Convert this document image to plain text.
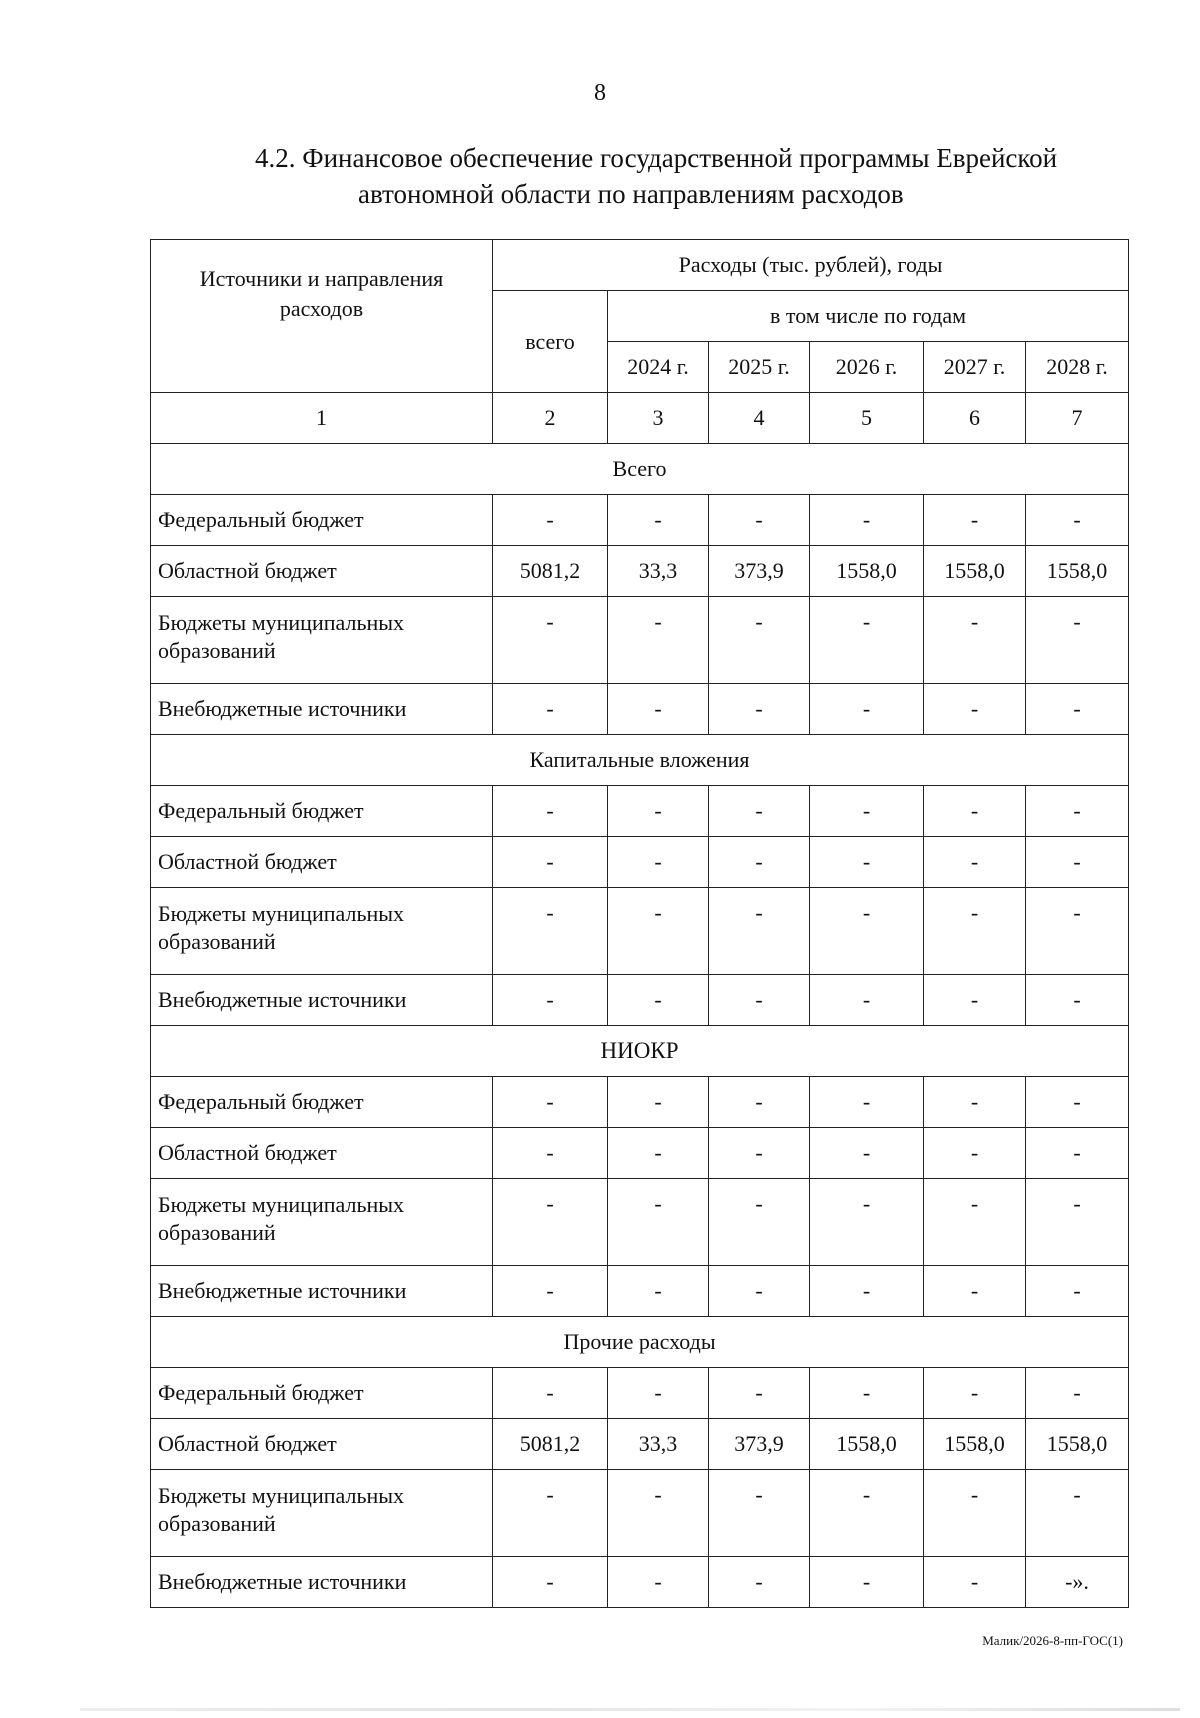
8
4.2. Финансовое обеспечение государственной программы Еврейской
автономной области по направлениям расходов
Источники и направления расходов	Расходы (тыс. рублей), годы					
	всего	в том числе по годам				
		2024 г.	2025 г.	2026 г.	2027 г.	2028 г.
1	2	3	4	5	6	7
Всего						
Федеральный бюджет	-	-	-	-	-	-
Областной бюджет	5081,2	33,3	373,9	1558,0	1558,0	1558,0
Бюджеты муниципальных образований	-	-	-	-	-	-
Внебюджетные источники	-	-	-	-	-	-
Капитальные вложения						
Федеральный бюджет	-	-	-	-	-	-
Областной бюджет	-	-	-	-	-	-
Бюджеты муниципальных образований	-	-	-	-	-	-
Внебюджетные источники	-	-	-	-	-	-
НИОКР						
Федеральный бюджет	-	-	-	-	-	-
Областной бюджет	-	-	-	-	-	-
Бюджеты муниципальных образований	-	-	-	-	-	-
Внебюджетные источники	-	-	-	-	-	-
Прочие расходы						
Федеральный бюджет	-	-	-	-	-	-
Областной бюджет	5081,2	33,3	373,9	1558,0	1558,0	1558,0
Бюджеты муниципальных образований	-	-	-	-	-	-
Внебюджетные источники	-	-	-	-	-	-».
Малик/2026-8-пп-ГОС(1)
